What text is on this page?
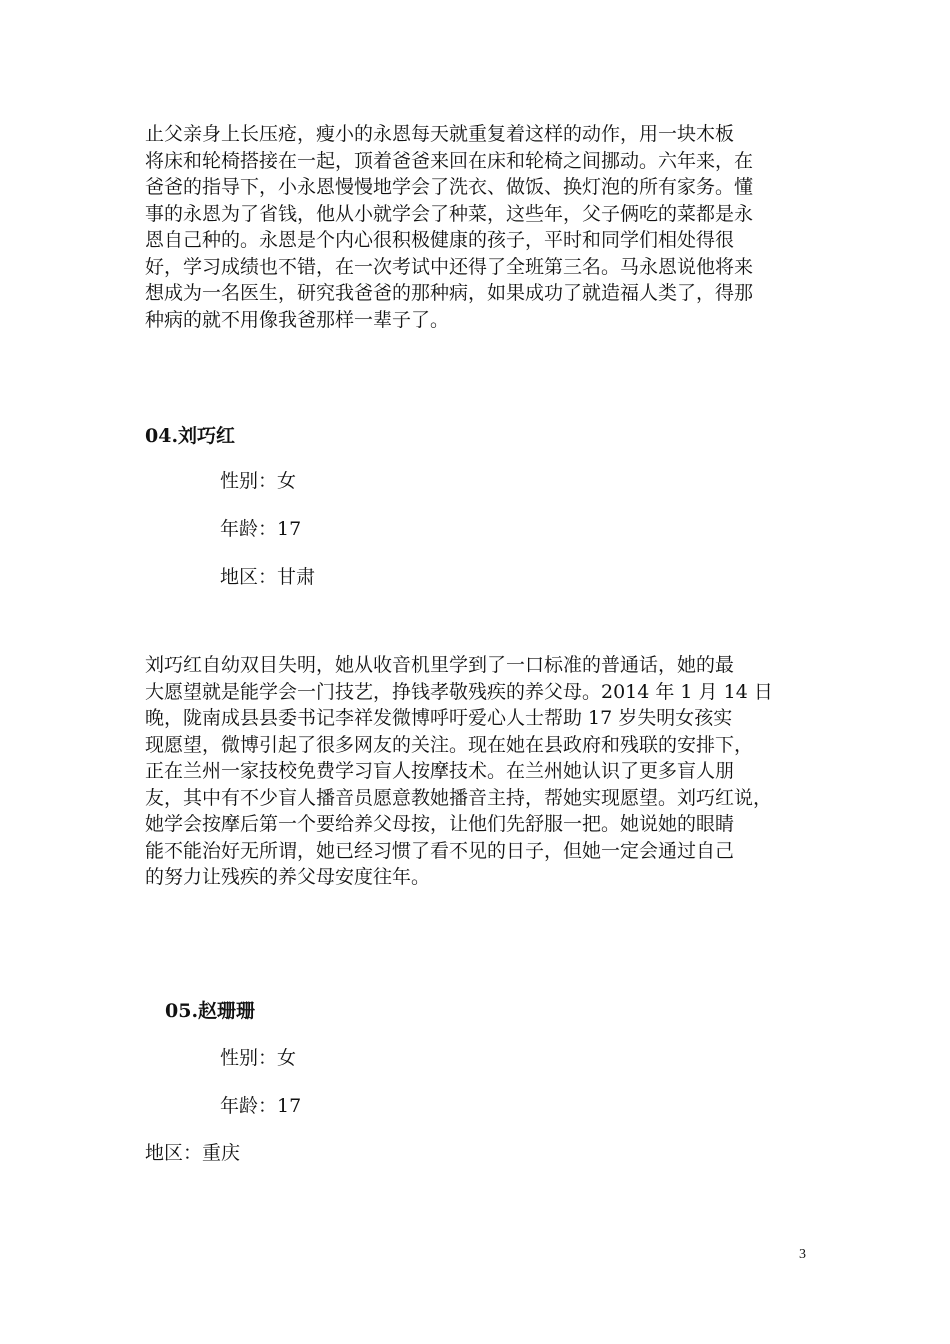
止父亲身上长压疮，瘦小的永恩每天就重复着这样的动作，用一块木板
将床和轮椅搭接在一起，顶着爸爸来回在床和轮椅之间挪动。六年来，在
爸爸的指导下，小永恩慢慢地学会了洗衣、做饭、换灯泡的所有家务。懂
事的永恩为了省钱，他从小就学会了种菜，这些年，父子俩吃的菜都是永
恩自己种的。永恩是个内心很积极健康的孩子，平时和同学们相处得很
好，学习成绩也不错，在一次考试中还得了全班第三名。马永恩说他将来
想成为一名医生，研究我爸爸的那种病，如果成功了就造福人类了，得那
种病的就不用像我爸那样一辈子了。
04.刘巧红
性别：女
年龄：17
地区：甘肃
刘巧红自幼双目失明，她从收音机里学到了一口标准的普通话，她的最
大愿望就是能学会一门技艺，挣钱孝敬残疾的养父母。2014 年 1 月 14 日
晚，陇南成县县委书记李祥发微博呼吁爱心人士帮助 17 岁失明女孩实
现愿望，微博引起了很多网友的关注。现在她在县政府和残联的安排下，
正在兰州一家技校免费学习盲人按摩技术。在兰州她认识了更多盲人朋
友，其中有不少盲人播音员愿意教她播音主持，帮她实现愿望。刘巧红说，
她学会按摩后第一个要给养父母按，让他们先舒服一把。她说她的眼睛
能不能治好无所谓，她已经习惯了看不见的日子，但她一定会通过自己
的努力让残疾的养父母安度往年。
05.赵珊珊
性别：女
年龄：17
地区：重庆
3
